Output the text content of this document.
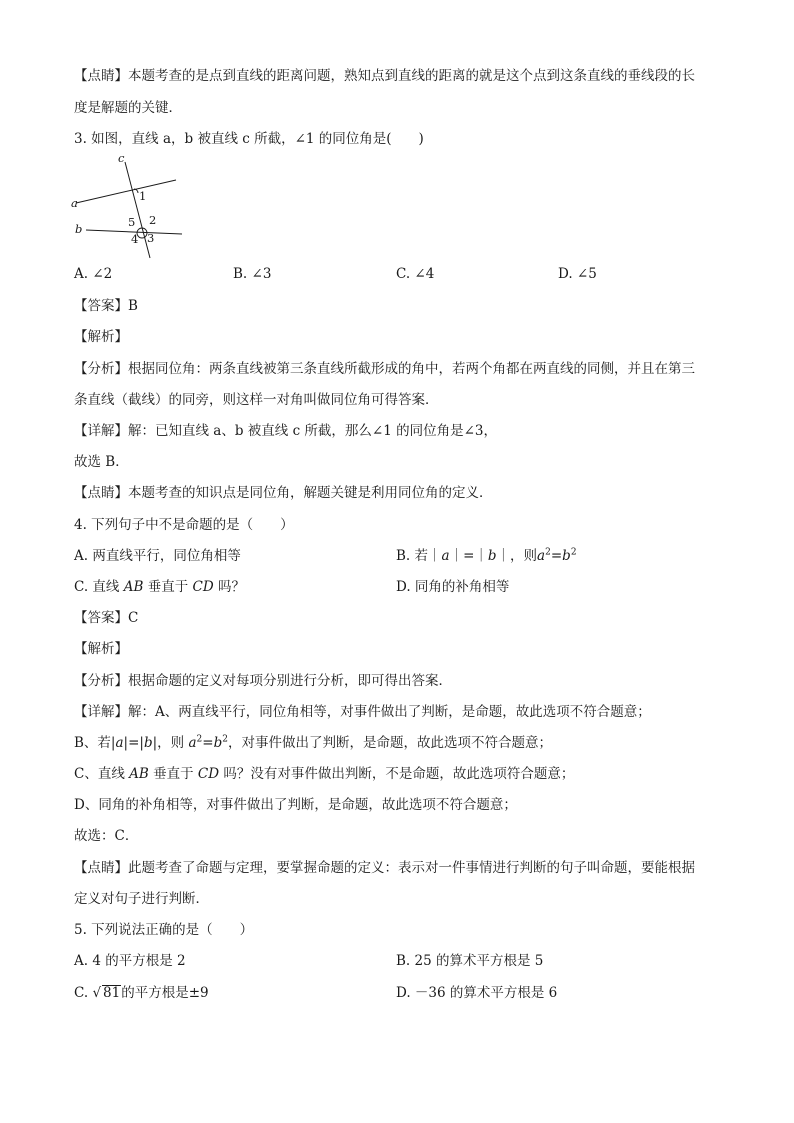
【点睛】本题考查的是点到直线的距离问题，熟知点到直线的距离的就是这个点到这条直线的垂线段的长
度是解题的关键．
3. 如图，直线 a，b 被直线 c 所截，∠1 的同位角是(　　)
c
a
b
1
2
5
4 3
A. ∠2	B. ∠3	C. ∠4	D. ∠5
【答案】B
【解析】
【分析】根据同位角：两条直线被第三条直线所截形成的角中，若两个角都在两直线的同侧，并且在第三
条直线（截线）的同旁，则这样一对角叫做同位角可得答案．
【详解】解：已知直线 a、b 被直线 c 所截，那么∠1 的同位角是∠3，
故选 B．
【点睛】本题考查的知识点是同位角，解题关键是利用同位角的定义．
4. 下列句子中不是命题的是（　　）
A. 两直线平行，同位角相等	B. 若｜a｜=｜b｜，则$a^2=b^2$
C. 直线 AB 垂直于 CD 吗？	D. 同角的补角相等
【答案】C
【解析】
【分析】根据命题的定义对每项分别进行分析，即可得出答案．
【详解】解：A、两直线平行，同位角相等，对事件做出了判断，是命题，故此选项不符合题意；
B、若|a|=|b|，则 $a^2=b^2$，对事件做出了判断，是命题，故此选项不符合题意；
C、直线 AB 垂直于 CD 吗？没有对事件做出判断，不是命题，故此选项符合题意；
D、同角的补角相等，对事件做出了判断，是命题，故此选项不符合题意；
故选：C．
【点睛】此题考查了命题与定理，要掌握命题的定义：表示对一件事情进行判断的句子叫命题，要能根据
定义对句子进行判断．
5. 下列说法正确的是（　　）
A. 4 的平方根是 2	B. 25 的算术平方根是 5
C. √ 81的平方根是±9	D. －36 的算术平方根是 6
